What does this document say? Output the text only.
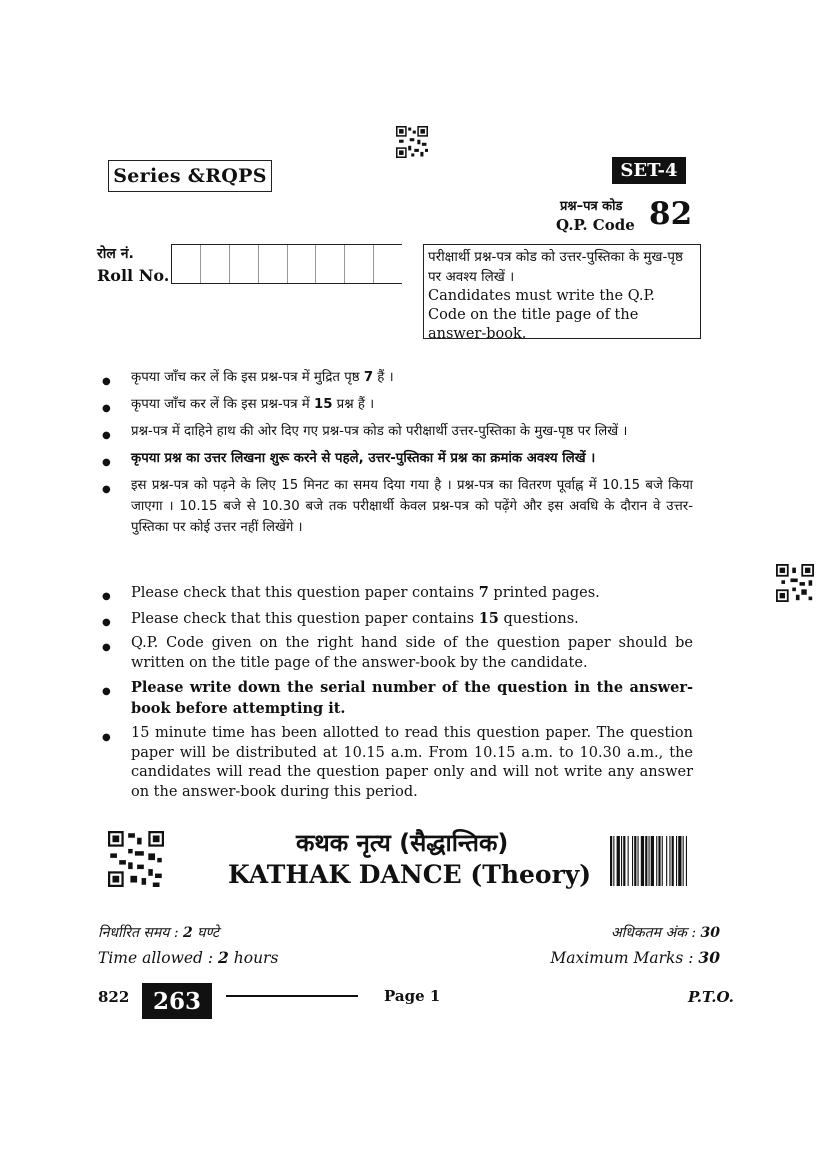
Series &RQPS	SET-4
प्रश्न–पत्र कोड
Q.P. Code 82
रोल नं.
Roll No.
परीक्षार्थी प्रश्न-पत्र कोड को उत्तर-पुस्तिका के मुख-पृष्ठ पर अवश्य लिखें ।
Candidates must write the Q.P. Code on the title page of the answer-book.
● कृपया जाँच कर लें कि इस प्रश्न-पत्र में मुद्रित पृष्ठ 7 हैं ।
● कृपया जाँच कर लें कि इस प्रश्न-पत्र में 15 प्रश्न हैं ।
● प्रश्न-पत्र में दाहिने हाथ की ओर दिए गए प्रश्न-पत्र कोड को परीक्षार्थी उत्तर-पुस्तिका के मुख-पृष्ठ पर लिखें ।
● कृपया प्रश्न का उत्तर लिखना शुरू करने से पहले, उत्तर-पुस्तिका में प्रश्न का क्रमांक अवश्य लिखें ।
● इस प्रश्न-पत्र को पढ़ने के लिए 15 मिनट का समय दिया गया है । प्रश्न-पत्र का वितरण पूर्वाह्न में 10.15 बजे किया जाएगा । 10.15 बजे से 10.30 बजे तक परीक्षार्थी केवल प्रश्न-पत्र को पढ़ेंगे और इस अवधि के दौरान वे उत्तर-पुस्तिका पर कोई उत्तर नहीं लिखेंगे ।
● Please check that this question paper contains 7 printed pages.
● Please check that this question paper contains 15 questions.
● Q.P. Code given on the right hand side of the question paper should be written on the title page of the answer-book by the candidate.
● Please write down the serial number of the question in the answer-book before attempting it.
● 15 minute time has been allotted to read this question paper. The question paper will be distributed at 10.15 a.m. From 10.15 a.m. to 10.30 a.m., the candidates will read the question paper only and will not write any answer on the answer-book during this period.
कथक नृत्य (सैद्धान्तिक)
KATHAK DANCE (Theory)
निर्धारित समय : 2 घण्टे
Time allowed : 2 hours
अधिकतम अंक : 30
Maximum Marks : 30
822	263	Page 1	P.T.O.
